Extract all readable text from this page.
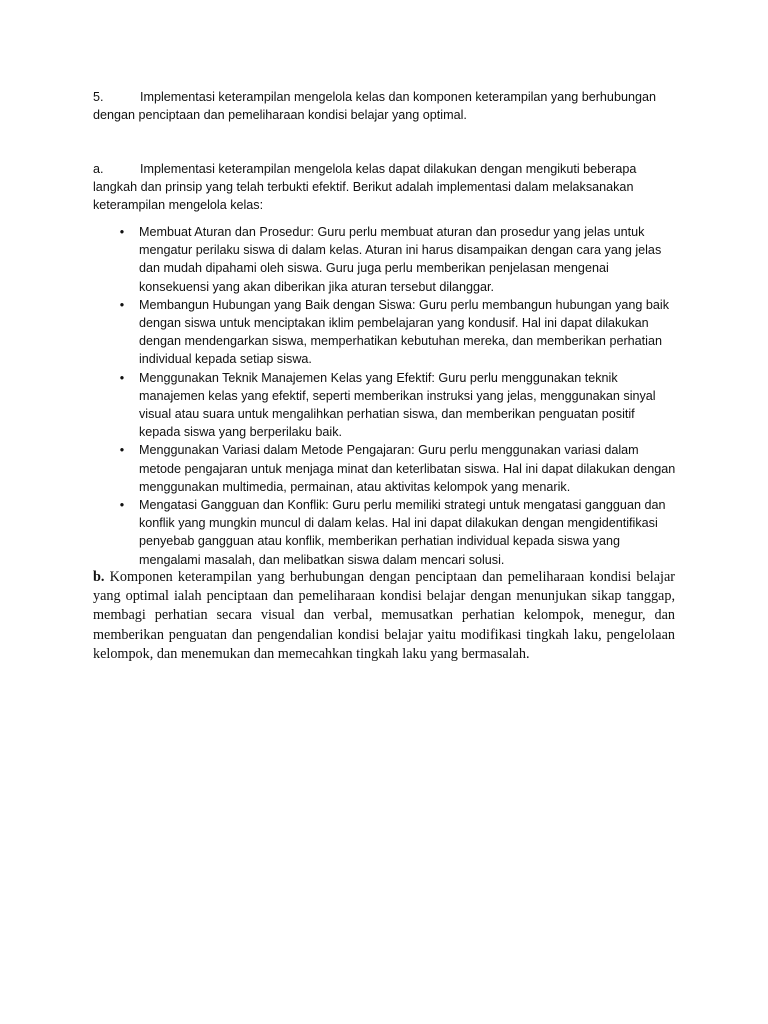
5.	Implementasi keterampilan mengelola kelas dan komponen keterampilan yang berhubungan dengan penciptaan dan pemeliharaan kondisi belajar yang optimal.
a.	Implementasi keterampilan mengelola kelas dapat dilakukan dengan mengikuti beberapa langkah dan prinsip yang telah terbukti efektif. Berikut adalah implementasi dalam melaksanakan keterampilan mengelola kelas:
• Membuat Aturan dan Prosedur: Guru perlu membuat aturan dan prosedur yang jelas untuk mengatur perilaku siswa di dalam kelas. Aturan ini harus disampaikan dengan cara yang jelas dan mudah dipahami oleh siswa. Guru juga perlu memberikan penjelasan mengenai konsekuensi yang akan diberikan jika aturan tersebut dilanggar.
• Membangun Hubungan yang Baik dengan Siswa: Guru perlu membangun hubungan yang baik dengan siswa untuk menciptakan iklim pembelajaran yang kondusif. Hal ini dapat dilakukan dengan mendengarkan siswa, memperhatikan kebutuhan mereka, dan memberikan perhatian individual kepada setiap siswa.
• Menggunakan Teknik Manajemen Kelas yang Efektif: Guru perlu menggunakan teknik manajemen kelas yang efektif, seperti memberikan instruksi yang jelas, menggunakan sinyal visual atau suara untuk mengalihkan perhatian siswa, dan memberikan penguatan positif kepada siswa yang berperilaku baik.
• Menggunakan Variasi dalam Metode Pengajaran: Guru perlu menggunakan variasi dalam metode pengajaran untuk menjaga minat dan keterlibatan siswa. Hal ini dapat dilakukan dengan menggunakan multimedia, permainan, atau aktivitas kelompok yang menarik.
• Mengatasi Gangguan dan Konflik: Guru perlu memiliki strategi untuk mengatasi gangguan dan konflik yang mungkin muncul di dalam kelas. Hal ini dapat dilakukan dengan mengidentifikasi penyebab gangguan atau konflik, memberikan perhatian individual kepada siswa yang mengalami masalah, dan melibatkan siswa dalam mencari solusi.
b. Komponen keterampilan yang berhubungan dengan penciptaan dan pemeliharaan kondisi belajar yang optimal ialah penciptaan dan pemeliharaan kondisi belajar dengan menunjukan sikap tanggap, membagi perhatian secara visual dan verbal, memusatkan perhatian kelompok, menegur, dan memberikan penguatan dan pengendalian kondisi belajar yaitu modifikasi tingkah laku, pengelolaan kelompok, dan menemukan dan memecahkan tingkah laku yang bermasalah.
